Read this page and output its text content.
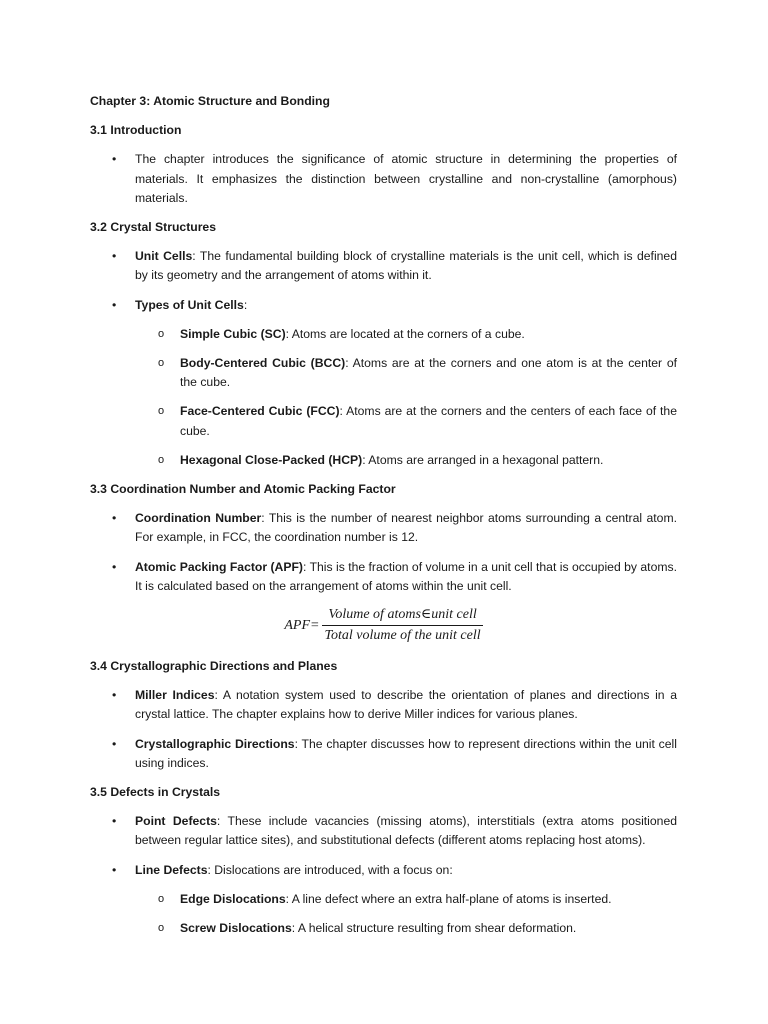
Chapter 3: Atomic Structure and Bonding
3.1 Introduction
• The chapter introduces the significance of atomic structure in determining the properties of materials. It emphasizes the distinction between crystalline and non-crystalline (amorphous) materials.
3.2 Crystal Structures
• Unit Cells: The fundamental building block of crystalline materials is the unit cell, which is defined by its geometry and the arrangement of atoms within it.
• Types of Unit Cells:
o Simple Cubic (SC): Atoms are located at the corners of a cube.
o Body-Centered Cubic (BCC): Atoms are at the corners and one atom is at the center of the cube.
o Face-Centered Cubic (FCC): Atoms are at the corners and the centers of each face of the cube.
o Hexagonal Close-Packed (HCP): Atoms are arranged in a hexagonal pattern.
3.3 Coordination Number and Atomic Packing Factor
• Coordination Number: This is the number of nearest neighbor atoms surrounding a central atom. For example, in FCC, the coordination number is 12.
• Atomic Packing Factor (APF): This is the fraction of volume in a unit cell that is occupied by atoms. It is calculated based on the arrangement of atoms within the unit cell.
$APF= \frac{\text{Volume of atoms∈unit cell}}{\text{Total volume of the unit cell}}$
3.4 Crystallographic Directions and Planes
• Miller Indices: A notation system used to describe the orientation of planes and directions in a crystal lattice. The chapter explains how to derive Miller indices for various planes.
• Crystallographic Directions: The chapter discusses how to represent directions within the unit cell using indices.
3.5 Defects in Crystals
• Point Defects: These include vacancies (missing atoms), interstitials (extra atoms positioned between regular lattice sites), and substitutional defects (different atoms replacing host atoms).
• Line Defects: Dislocations are introduced, with a focus on:
o Edge Dislocations: A line defect where an extra half-plane of atoms is inserted.
o Screw Dislocations: A helical structure resulting from shear deformation.
